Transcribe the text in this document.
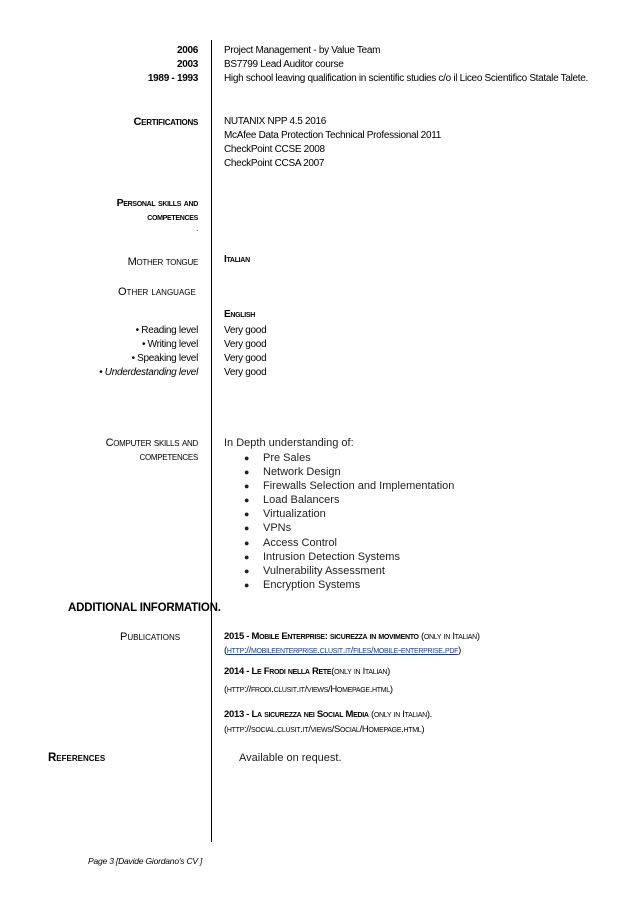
2006	Project Management - by Value Team
2003	BS7799 Lead Auditor course
1989 - 1993	High school leaving qualification in scientific studies c/o il Liceo Scientifico Statale Talete.
Certifications	NUTANIX NPP 4.5 2016
McAfee Data Protection Technical Professional 2011
CheckPoint CCSE 2008
CheckPoint CCSA 2007
Personal skills and
competences
.
Mother tongue	Italian
Other language
English
• Reading level	Very good
• Writing level	Very good
• Speaking level	Very good
• Underdestanding level	Very good
Computer skills and
competences
In Depth understanding of:
● Pre Sales
● Network Design
● Firewalls Selection and Implementation
● Load Balancers
● Virtualization
● VPNs
● Access Control
● Intrusion Detection Systems
● Vulnerability Assessment
● Encryption Systems
ADDITIONAL INFORMATION.
Publications	2015 - Mobile Enterprise: sicurezza in movimento (only in Italian)
(http://mobileenterprise.clusit.it/files/mobile-enterprise.pdf)
2014 - Le Frodi nella Rete(only in Italian)
(http://frodi.clusit.it/views/Homepage.html)
2013 - La sicurezza nei Social Media (only in Italian).
(http://social.clusit.it/views/Social/Homepage.html)
References	Available on request.
Page 3 [Davide Giordano's CV ]
